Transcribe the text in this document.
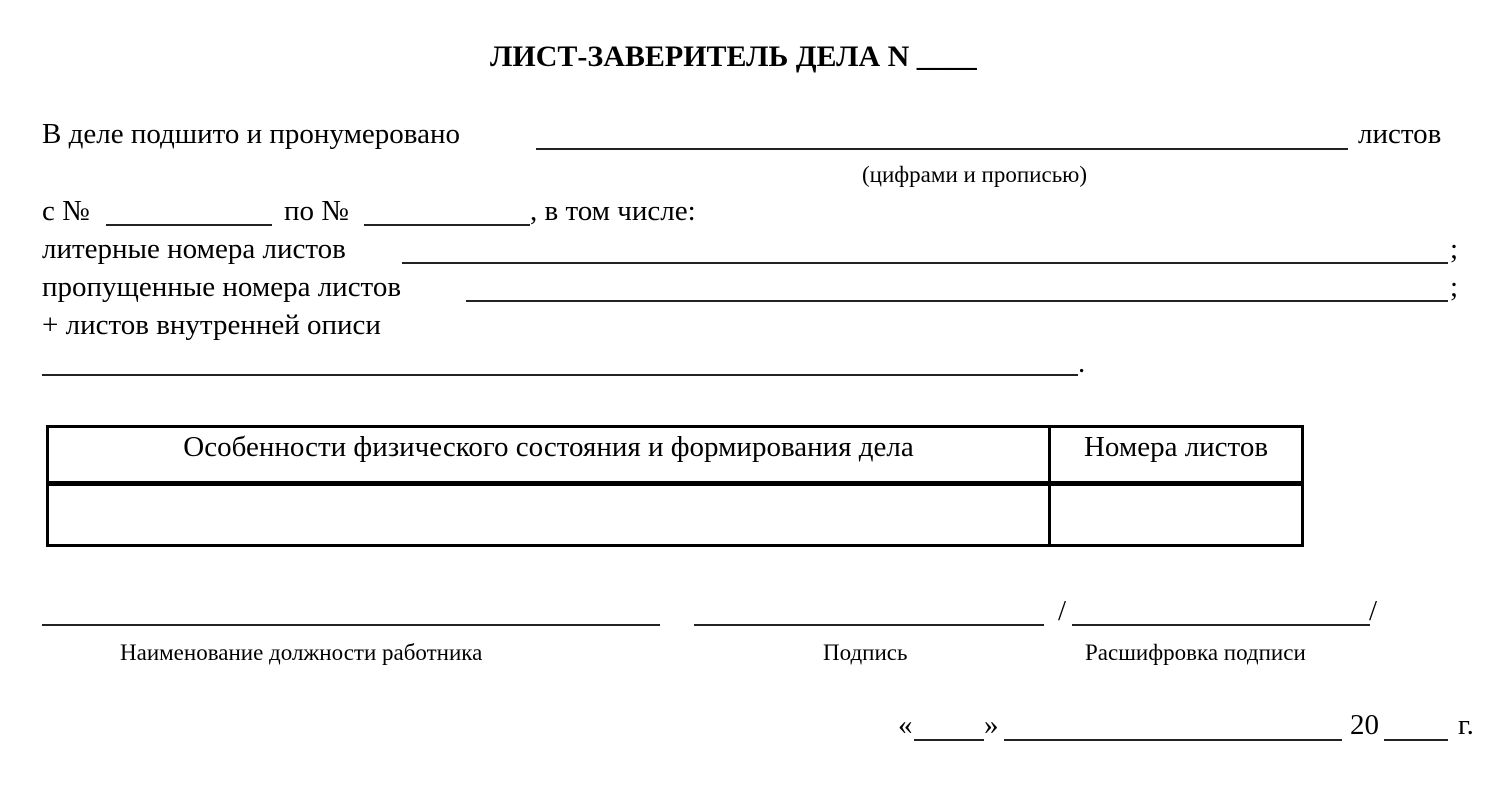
ЛИСТ-ЗАВЕРИТЕЛЬ ДЕЛА N ____
В деле подшито и пронумеровано	листов
(цифрами и прописью)
с №	по №	, в том числе:
литерные номера листов	;
пропущенные номера листов	;
+ листов внутренней описи
.
Особенности физического состояния и формирования дела	Номера листов
Наименование должности работника	Подпись
/	/
Расшифровка подписи
« »	20	г.
